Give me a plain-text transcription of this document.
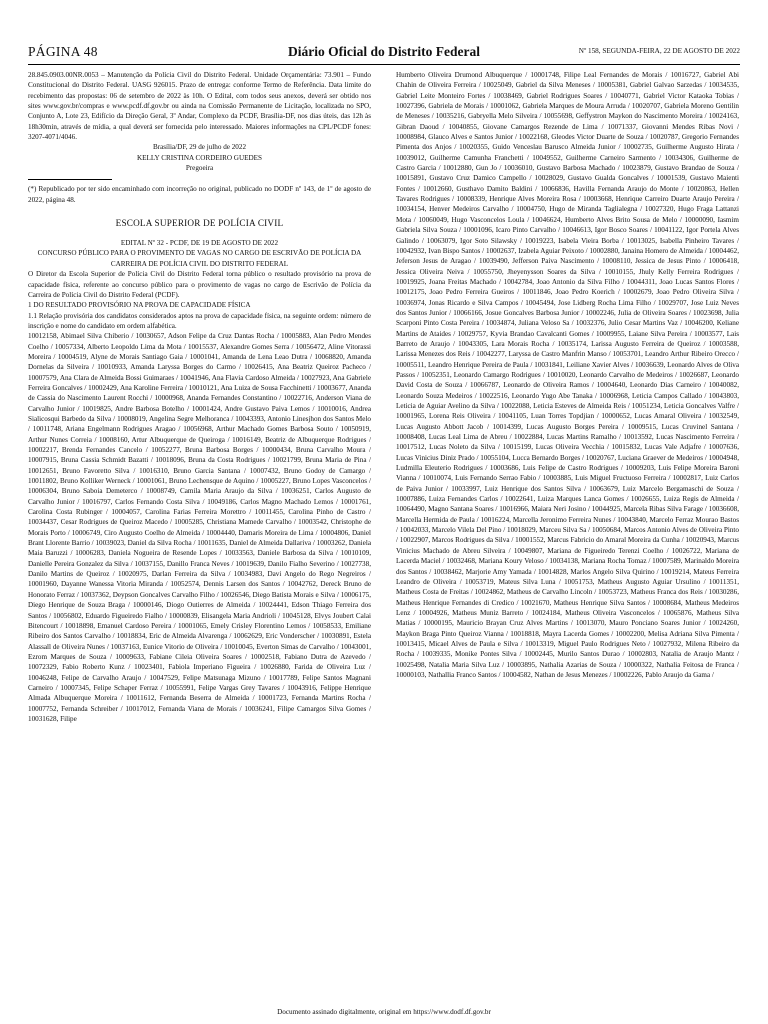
PÁGINA 48	Diário Oficial do Distrito Federal	Nº 158, SEGUNDA-FEIRA, 22 DE AGOSTO DE 2022

28.845.0903.00NR.0053 – Manutenção da Polícia Civil do Distrito Federal. Unidade Orçamentária: 73.901 – Fundo Constitucional do Distrito Federal. UASG 926015. Prazo de entrega: conforme Termo de Referência. Data limite do recebimento das propostas: 06 de setembro de 2022 às 10h. O Edital, com todos seus anexos, deverá ser obtido nos sites www.gov.br/compras e www.pcdf.df.gov.br ou ainda na Comissão Permanente de Licitação, localizada no SPO, Conjunto A, Lote 23, Edifício da Direção Geral, 3º Andar, Complexo da PCDF, Brasília-DF, nos dias úteis, das 12h às 18h30min, através de mídia, a qual deverá ser fornecida pelo interessado. Maiores informações na CPL/PCDF fones: 3207-4071/4046.

Brasília/DF, 29 de julho de 2022

KELLY CRISTINA CORDEIRO GUEDES

Pregoeira

(*) Republicado por ter sido encaminhado com incorreção no original, publicado no DODF nº 143, de 1º de agosto de 2022, página 48.

ESCOLA SUPERIOR DE POLÍCIA CIVIL

EDITAL Nº 32 - PCDF, DE 19 DE AGOSTO DE 2022

CONCURSO PÚBLICO PARA O PROVIMENTO DE VAGAS NO CARGO DE ESCRIVÃO DE POLÍCIA DA CARREIRA DE POLÍCIA CIVIL DO DISTRITO FEDERAL

O Diretor da Escola Superior de Polícia Civil do Distrito Federal torna público o resultado provisório na prova de capacidade física, referente ao concurso público para o provimento de vagas no cargo de Escrivão de Polícia da Carreira de Polícia Civil do Distrito Federal (PCDF).

1 DO RESULTADO PROVISÓRIO NA PROVA DE CAPACIDADE FÍSICA

1.1 Relação provisória dos candidatos considerados aptos na prova de capacidade física, na seguinte ordem: número de inscrição e nome do candidato em ordem alfabética.

10012158, Abimael Silva Chiberio / 10030657, Adson Felipe da Cruz Dantas Rocha / 10005883, Alan Pedro Mendes Coelho / 10057334, Alberto Leopoldo Lima da Mota / 10015537, Alexandre Gomes Serra / 10056472, Aline Vitorassi Moreira / 10004519, Alyne de Morais Santiago Gaia / 10001041, Amanda de Lena Leao Dutra / 10068820, Amanda Dornelas da Silveira / 10010933, Amanda Laryssa Borges do Carmo / 10026415, Ana Beatriz Queiroz Pacheco / 10007579, Ana Clara de Almeida Bossi Guimaraes / 10041946, Ana Flavia Cardoso Almeida / 10027923, Ana Gabriele Ferreira Goncalves / 10002429, Ana Karoline Ferreira / 10010121, Ana Luiza de Sousa Facchinetti / 10003677, Ananda de Cassia do Nascimento Laurent Rocchi / 10000968, Ananda Fernandes Constantino / 10022716, Anderson Viana de Carvalho Junior / 10019825, Andre Barbosa Botelho / 10001424, Andre Gustavo Paiva Lemos / 10010016, Andrea Sialicosqui Barbedo da Silva / 10008019, Angelina Segre Melhoranca / 10043393, Antonio Linesjhon dos Santos Melo / 10011748, Ariana Engelmann Rodrigues Aragao / 10056968, Arthur Machado Gomes Barbosa Souto / 10050919, Arthur Nunes Correia / 10008160, Artur Albuquerque de Queiroga / 10016149, Beatriz de Albuquerque Rodrigues / 10002217, Brenda Fernandes Cancelo / 10052277, Bruna Barbosa Borges / 10000434, Bruna Carvalho Moura / 10007915, Bruna Cassia Schmidt Bazatti / 10018096, Bruna da Costa Rodrigues / 10021799, Bruna Maria de Pina / 10012651, Bruno Favoretto Silva / 10016310, Bruno Garcia Santana / 10007432, Bruno Godoy de Camargo / 10011802, Bruno Kolliker Werneck / 10001061, Bruno Lechensque de Aquino / 10005227, Bruno Lopes Vasconcelos / 10006304, Bruno Saboia Demeterco / 10008749, Camila Maria Araujo da Silva / 10036251, Carlos Augusto de Carvalho Junior / 10016797, Carlos Fernando Costa Silva / 10049186, Carlos Magno Machado Lemos / 10001761, Carolina Costa Rubinger / 10004057, Carolina Farias Ferreira Morettro / 10011455, Carolina Pinho de Castro / 10034437, Cesar Rodrigues de Queiroz Macedo / 10005285, Christiana Mamede Carvalho / 10003542, Christophe de Morais Porto / 10006749, Ciro Augusto Coelho de Almeida / 10004440, Damaris Moreira de Lima / 10004806, Daniel Brant Llorente Barrio / 10039023, Daniel da Silva Rocha / 10011635, Daniel de Almeida Dallariva / 10003262, Daniela Maia Baruzzi / 10006283, Daniela Nogueira de Resende Lopes / 10033563, Daniele Barbosa da Silva / 10010109, Danielle Pereira Gonzalez da Silva / 10037155, Danillo Franca Neves / 10019639, Danilo Fialho Severino / 10027738, Danilo Martins de Queiroz / 10020975, Darlan Ferreira da Silva / 10034983, Davi Angelo do Rego Negreiros / 10001960, Dayanne Wanessa Vitoria Miranda / 10052574, Dennis Larsen dos Santos / 10042762, Dereck Bruno de Honorato Ferraz / 10037362, Deypson Goncalves Carvalho Filho / 10026546, Diego Batista Morais e Silva / 10006175, Diego Henrique de Souza Braga / 10000146, Diogo Outierres de Almeida / 10024441, Edson Thiago Ferreira dos Santos / 10056802, Eduardo Figueiredo Fialho / 10000839, Elisangela Maria Andrioli / 10045128, Elvys Joubert Calai Bitencourt / 10018898, Emanuel Cardoso Pereira / 10001065, Emely Crisley Florentino Lemos / 10058533, Emiliane Ribeiro dos Santos Carvalho / 10018834, Eric de Almeida Alvarenga / 10062629, Eric Vonderscher / 10030891, Estela Alassall de Oliveira Nunes / 10037163, Eunice Vitorio de Oliveira / 10010045, Everton Simas de Carvalho / 10043001, Ezrom Marques de Souza / 10009633, Fabiane Cileia Oliveira Soares / 10002518, Fabiano Dutra de Azevedo / 10072329, Fabio Roberto Kunz / 10023401, Fabiola Imperiano Figueira / 10026880, Farida de Oliveira Luz / 10046248, Felipe de Carvalho Araujo / 10047529, Felipe Matsunaga Mizuno / 10017789, Felipe Santos Magnani Carneiro / 10007345, Felipe Schaper Ferraz / 10055991, Felipe Vargas Grey Tavares / 10043916, Felippe Henrique Almada Albuquerque Moreira / 10011612, Fernanda Beserra de Almeida / 10001723, Fernanda Martins Rocha / 10007752, Fernanda Schreiber / 10017012, Fernanda Viana de Morais / 10036241, Filipe Camargos Silva Gomes / 10031628, Filipe

Humberto Oliveira Drumond Albuquerque / 10001748, Filipe Leal Fernandes de Morais / 10016727, Gabriel Abi Chahin de Oliveira Ferreira / 10025049, Gabriel da Silva Meneses / 10005381, Gabriel Galvao Sarzedas / 10034535, Gabriel Leite Monteiro Fortes / 10038469, Gabriel Rodrigues Soares / 10040771, Gabriel Victor Kataoka Tobias / 10027396, Gabriela de Morais / 10001062, Gabriela Marques de Moura Arruda / 10020707, Gabriela Moreno Gentilin de Meneses / 10035216, Gabryella Melo Silveira / 10055698, Geffystron Maykon do Nascimento Moreira / 10024163, Gibran Daoud / 10040855, Giovane Camargos Rezende de Lima / 10071337, Giovanni Mendes Ribas Novi / 10008984, Glauco Alves e Santos Junior / 10022168, Gleodes Victor Duarte de Souza / 10020787, Gregorio Fernandes Pimenta dos Anjos / 10020355, Guido Venceslau Barusco Almeida Junior / 10002735, Guilherme Augusto Hirata / 10039012, Guilherme Camunha Franchetti / 10049552, Guilherme Carneiro Sarmento / 10034306, Guilherme de Castro Garcia / 10012880, Gun Jo / 10036010, Gustavo Barbosa Machado / 10023879, Gustavo Brandao de Souza / 10015891, Gustavo Cruz Damico Campello / 10028029, Gustavo Gualda Goncalves / 10001539, Gustavo Maienti Fontes / 10012660, Gusthavo Damito Baldini / 10066836, Havilla Fernanda Araujo do Monte / 10020863, Hellen Tavares Rodrigues / 10008339, Henrique Alves Moreira Rosa / 10003668, Henrique Carreiro Duarte Araujo Pereira / 10034154, Henver Medeiros Carvalho / 10004750, Hugo de Miranda Taglialegna / 10027320, Hugo Fraga Lattanzi Mota / 10060049, Hugo Vasconcelos Loula / 10046624, Humberto Alves Brito Sousa de Melo / 10000090, Iasmim Gabriela Silva Souza / 10001096, Icaro Pinto Carvalho / 10046613, Igor Bosco Soares / 10041122, Igor Portela Alves Galindo / 10063079, Igor Soto Silawsky / 10019223, Isabela Vieira Borba / 10013025, Isabella Pinheiro Tavares / 10042932, Ivan Bispo Santos / 10002637, Izabela Aguiar Peixoto / 10002880, Janaina Homero de Almeida / 10004462, Jeferson Jesus de Aragao / 10039490, Jefferson Paiva Nascimento / 10008110, Jessica de Jesus Pinto / 10006418, Jessica Oliveira Neiva / 10055750, Jheyenysson Soares da Silva / 10010155, Jhuly Kelly Ferreira Rodrigues / 10019925, Joana Freitas Machado / 10042784, Joao Antonio da Silva Filho / 10044311, Joao Lucas Santos Flores / 10012175, Joao Pedro Ferreira Gueiros / 10011846, Joao Pedro Koerich / 10002679, Joao Pedro Oliveira Silva / 10036974, Jonas Ricardo e Silva Campos / 10045494, Jose Lidberg Rocha Lima Filho / 10029707, Jose Luiz Neves dos Santos Junior / 10066166, Josue Goncalves Barbosa Junior / 10002246, Julia de Oliveira Soares / 10023698, Julia Scarponi Pinto Costa Pereira / 10034874, Juliana Veloso Sa / 10032376, Julio Cesar Martins Vaz / 10046200, Keliane Martins de Ataides / 10029757, Kyvia Brandao Cavalcanti Gomes / 10009955, Laiane Silva Pereira / 10003577, Lais Barreto de Araujo / 10043305, Lara Morais Rocha / 10035174, Larissa Augusto Ferreira de Queiroz / 10003588, Larissa Menezes dos Reis / 10042277, Laryssa de Castro Manfrin Manso / 10053701, Leandro Arthur Ribeiro Orecco / 10005511, Leandro Henrique Pereira de Paula / 10031841, Leiliane Xavier Alves / 10036639, Leonardo Alves de Oliva Passos / 10052351, Leonardo Camargo Rodrigues / 10010020, Leonardo Carvalho de Medeiros / 10026687, Leonardo David Costa de Souza / 10066787, Leonardo de Oliveira Ramos / 10004640, Leonardo Dias Carneiro / 10040082, Leonardo Souza Medeiros / 10022516, Leonardo Yugo Abe Tanaka / 10006968, Leticia Campos Callado / 10043803, Leticia de Aguiar Avelino da Silva / 10022088, Leticia Esteves de Almeida Reis / 10051234, Leticia Goncalves Valfre / 10001965, Lorena Reis Oliveira / 10041105, Luan Torres Topdjian / 10000652, Lucas Amaral Oliveira / 10032549, Lucas Augusto Abbott Jacob / 10014399, Lucas Augusto Borges Pereira / 10009515, Lucas Cruvinel Santana / 10008408, Lucas Leal Lima de Abreu / 10022884, Lucas Martins Ramalho / 10013592, Lucas Nascimento Ferreira / 10017512, Lucas Noleto da Silva / 10015199, Lucas Oliveira Vecchia / 10015832, Lucas Vale Adjafre / 10007636, Lucas Vinicius Diniz Prado / 10055104, Lucca Bernardo Borges / 10020767, Luciana Graever de Medeiros / 10004948, Ludmilla Eleuterio Rodrigues / 10003686, Luis Felipe de Castro Rodrigues / 10009203, Luis Felipe Moreira Baroni Vianna / 10010074, Luis Fernando Serrao Fabio / 10003885, Luis Miguel Fructuoso Ferreira / 10002817, Luiz Carlos de Paiva Junior / 10033997, Luiz Henrique dos Santos Silva / 10063679, Luiz Marcelo Bergamaschi de Souza / 10007886, Luiza Fernandes Carlos / 10022641, Luiza Marques Lanca Gomes / 10026655, Luiza Regis de Almeida / 10064490, Magno Santana Soares / 10016966, Maiara Neri Josino / 10044925, Marcela Ribas Silva Farage / 10036608, Marcella Hermida de Paula / 10016224, Marcella Jeronimo Ferreira Nunes / 10043840, Marcelo Ferraz Mourao Bastos / 10042033, Marcelo Vilela Del Pino / 10018029, Marceu Silva Sa / 10050684, Marcos Antonio Alves de Oliveira Pinto / 10022907, Marcos Rodrigues da Silva / 10001552, Marcus Fabricio do Amaral Moreira da Cunha / 10020943, Marcus Vinicius Machado de Abreu Silveira / 10049807, Mariana de Figueiredo Terenzi Coelho / 10026722, Mariana de Lacerda Maciel / 10032468, Mariana Koury Veloso / 10034138, Mariana Rocha Tomaz / 10007589, Marinaldo Moreira dos Santos / 10038462, Marjorie Amy Yamada / 10014828, Marlos Angelo Silva Quirino / 10019214, Mateus Ferreira Leandro de Oliveira / 10053719, Mateus Silva Luna / 10051753, Matheus Augusto Aguiar Ursulino / 10011351, Matheus Costa de Freitas / 10024862, Matheus de Carvalho Lincoln / 10053723, Matheus Franca dos Reis / 10030286, Matheus Henrique Fernandes di Credico / 10021670, Matheus Henrique Silva Santos / 10008684, Matheus Medeiros Lenz / 10004926, Matheus Muniz Barreto / 10024184, Matheus Oliveira Vasconcelos / 10065876, Matheus Silva Matias / 10000195, Mauricio Brayan Cruz Alves Martins / 10013070, Mauro Ponciano Soares Junior / 10024260, Maykon Braga Pinto Queiroz Vianna / 10018818, Mayra Lacerda Gomes / 10002200, Melisa Adriana Silva Pimenta / 10013415, Micael Alves de Paula e Silva / 10013319, Miguel Paulo Rodrigues Neto / 10027932, Milena Ribeiro da Rocha / 10039335, Monike Pontes Silva / 10002445, Murilo Santos Durao / 10002803, Natalia de Araujo Mantz / 10025498, Natalia Maria Silva Luz / 10003895, Nathalia Azarias de Souza / 10000322, Nathalia Feitosa de Franca / 10000103, Nathallia Franco Santos / 10004582, Nathan de Jesus Menezes / 10002226, Pablo Araujo da Gama /

Documento assinado digitalmente, original em https://www.dodf.df.gov.br
